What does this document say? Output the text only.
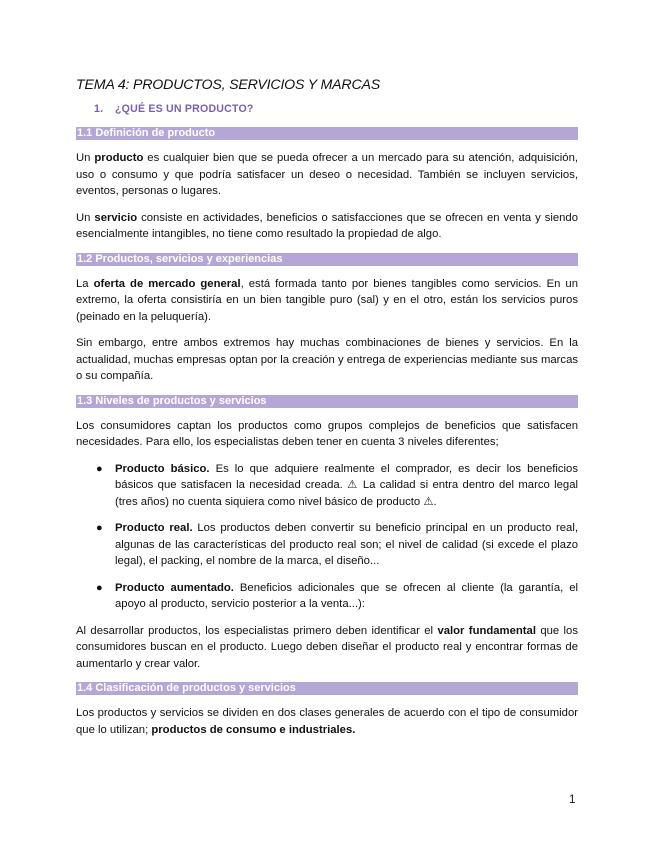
TEMA 4: PRODUCTOS, SERVICIOS Y MARCAS
1. ¿QUÉ ES UN PRODUCTO?
1.1 Definición de producto

Un producto es cualquier bien que se pueda ofrecer a un mercado para su atención, adquisición, uso o consumo y que podría satisfacer un deseo o necesidad. También se incluyen servicios, eventos, personas o lugares.

Un servicio consiste en actividades, beneficios o satisfacciones que se ofrecen en venta y siendo esencialmente intangibles, no tiene como resultado la propiedad de algo.

1.2 Productos, servicios y experiencias

La oferta de mercado general, está formada tanto por bienes tangibles como servicios. En un extremo, la oferta consistiría en un bien tangible puro (sal) y en el otro, están los servicios puros (peinado en la peluquería).

Sin embargo, entre ambos extremos hay muchas combinaciones de bienes y servicios. En la actualidad, muchas empresas optan por la creación y entrega de experiencias mediante sus marcas o su compañía.

1.3 Niveles de productos y servicios

Los consumidores captan los productos como grupos complejos de beneficios que satisfacen necesidades. Para ello, los especialistas deben tener en cuenta 3 niveles diferentes;

● Producto básico. Es lo que adquiere realmente el comprador, es decir los beneficios básicos que satisfacen la necesidad creada. ⚠ La calidad si entra dentro del marco legal (tres años) no cuenta siquiera como nivel básico de producto ⚠.
● Producto real. Los productos deben convertir su beneficio principal en un producto real, algunas de las características del producto real son; el nivel de calidad (si excede el plazo legal), el packing, el nombre de la marca, el diseño...
● Producto aumentado. Beneficios adicionales que se ofrecen al cliente (la garantía, el apoyo al producto, servicio posterior a la venta...):

Al desarrollar productos, los especialistas primero deben identificar el valor fundamental que los consumidores buscan en el producto. Luego deben diseñar el producto real y encontrar formas de aumentarlo y crear valor.

1.4 Clasificación de productos y servicios

Los productos y servicios se dividen en dos clases generales de acuerdo con el tipo de consumidor que lo utilizan; productos de consumo e industriales.

1
